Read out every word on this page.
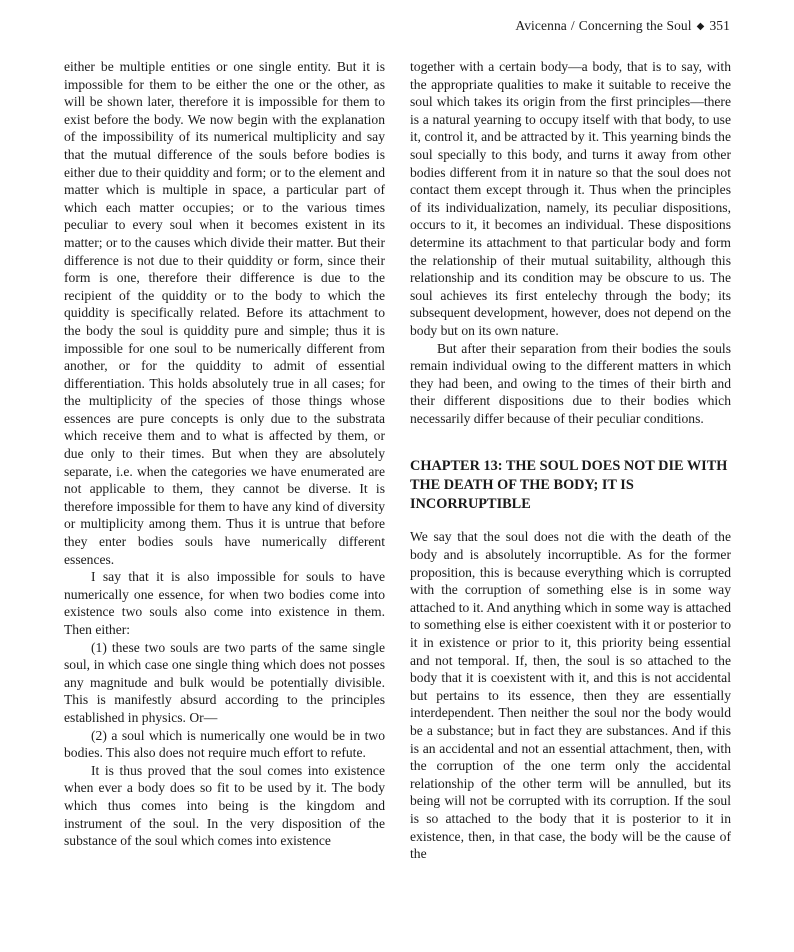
Avicenna / Concerning the Soul ◆ 351

either be multiple entities or one single entity. But it is impossible for them to be either the one or the other, as will be shown later, therefore it is impossible for them to exist before the body. We now begin with the explanation of the impossibility of its numerical multiplicity and say that the mutual difference of the souls before bodies is either due to their quiddity and form; or to the element and matter which is multiple in space, a particular part of which each matter occupies; or to the various times peculiar to every soul when it becomes existent in its matter; or to the causes which divide their matter. But their difference is not due to their quiddity or form, since their form is one, therefore their difference is due to the recipient of the quiddity or to the body to which the quiddity is specifically related. Before its attachment to the body the soul is quiddity pure and simple; thus it is impossible for one soul to be numerically different from another, or for the quiddity to admit of essential differentiation. This holds absolutely true in all cases; for the multiplicity of the species of those things whose essences are pure concepts is only due to the substrata which receive them and to what is affected by them, or due only to their times. But when they are absolutely separate, i.e. when the categories we have enumerated are not applicable to them, they cannot be diverse. It is therefore impossible for them to have any kind of diversity or multiplicity among them. Thus it is untrue that before they enter bodies souls have numerically different essences.

I say that it is also impossible for souls to have numerically one essence, for when two bodies come into existence two souls also come into existence in them. Then either:

(1) these two souls are two parts of the same single soul, in which case one single thing which does not posses any magnitude and bulk would be potentially divisible. This is manifestly absurd according to the principles established in physics. Or—

(2) a soul which is numerically one would be in two bodies. This also does not require much effort to refute.

It is thus proved that the soul comes into existence when ever a body does so fit to be used by it. The body which thus comes into being is the kingdom and instrument of the soul. In the very disposition of the substance of the soul which comes into existence

together with a certain body—a body, that is to say, with the appropriate qualities to make it suitable to receive the soul which takes its origin from the first principles—there is a natural yearning to occupy itself with that body, to use it, control it, and be attracted by it. This yearning binds the soul specially to this body, and turns it away from other bodies different from it in nature so that the soul does not contact them except through it. Thus when the principles of its individualization, namely, its peculiar dispositions, occurs to it, it becomes an individual. These dispositions determine its attachment to that particular body and form the relationship of their mutual suitability, although this relationship and its condition may be obscure to us. The soul achieves its first entelechy through the body; its subsequent development, however, does not depend on the body but on its own nature.

But after their separation from their bodies the souls remain individual owing to the different matters in which they had been, and owing to the times of their birth and their different dispositions due to their bodies which necessarily differ because of their peculiar conditions.

CHAPTER 13: THE SOUL DOES NOT DIE WITH THE DEATH OF THE BODY; IT IS INCORRUPTIBLE

We say that the soul does not die with the death of the body and is absolutely incorruptible. As for the former proposition, this is because everything which is corrupted with the corruption of something else is in some way attached to it. And anything which in some way is attached to something else is either coexistent with it or posterior to it in existence or prior to it, this priority being essential and not temporal. If, then, the soul is so attached to the body that it is coexistent with it, and this is not accidental but pertains to its essence, then they are essentially interdependent. Then neither the soul nor the body would be a substance; but in fact they are substances. And if this is an accidental and not an essential attachment, then, with the corruption of the one term only the accidental relationship of the other term will be annulled, but its being will not be corrupted with its corruption. If the soul is so attached to the body that it is posterior to it in existence, then, in that case, the body will be the cause of the
